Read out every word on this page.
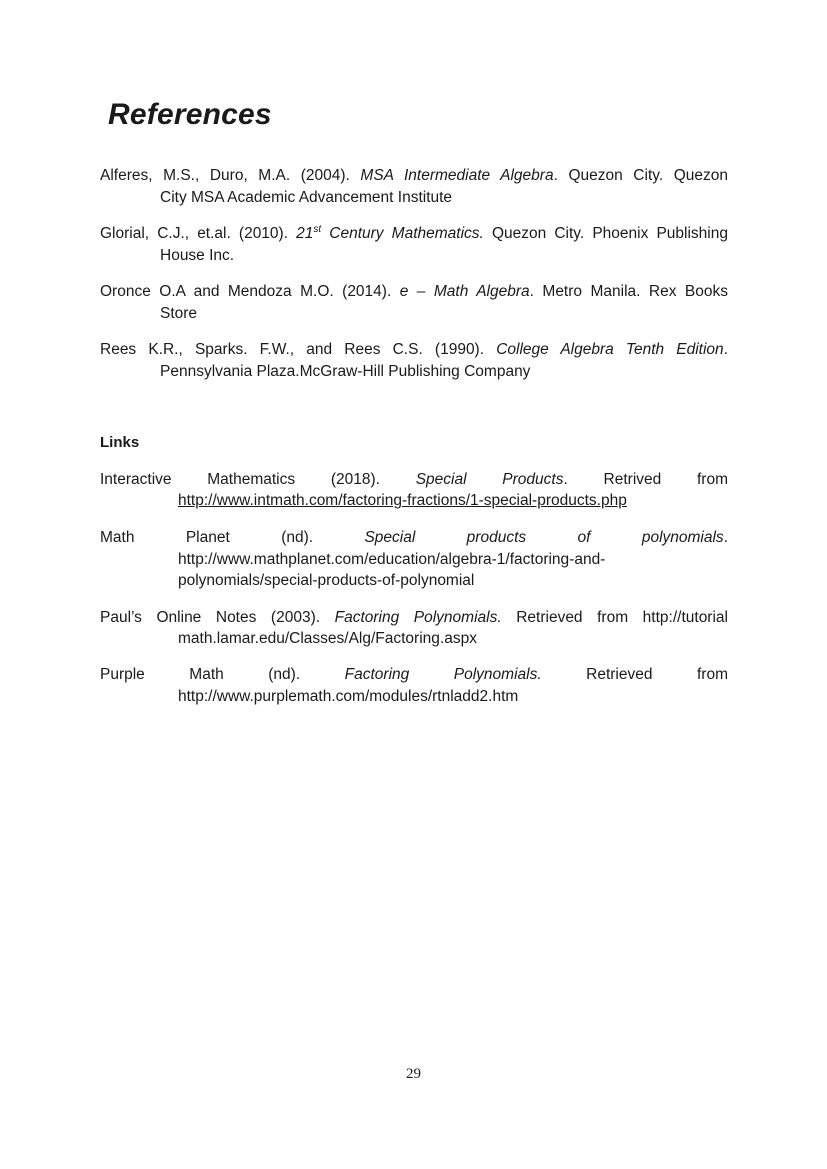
References
Alferes, M.S., Duro, M.A. (2004). MSA Intermediate Algebra. Quezon City. Quezon
City MSA Academic Advancement Institute
Glorial, C.J., et.al. (2010). 21st Century Mathematics. Quezon City. Phoenix Publishing
House Inc.
Oronce O.A and Mendoza M.O. (2014). e – Math Algebra. Metro Manila. Rex Books
Store
Rees K.R., Sparks. F.W., and Rees C.S. (1990). College Algebra Tenth Edition.
Pennsylvania Plaza.McGraw-Hill Publishing Company
Links
Interactive Mathematics (2018). Special Products. Retrived from
http://www.intmath.com/factoring-fractions/1-special-products.php
Math Planet (nd). Special products of polynomials.
http://www.mathplanet.com/education/algebra-1/factoring-and-
polynomials/special-products-of-polynomial
Paul’s Online Notes (2003). Factoring Polynomials. Retrieved from http://tutorial
math.lamar.edu/Classes/Alg/Factoring.aspx
Purple Math (nd). Factoring Polynomials. Retrieved from
http://www.purplemath.com/modules/rtnladd2.htm
29
